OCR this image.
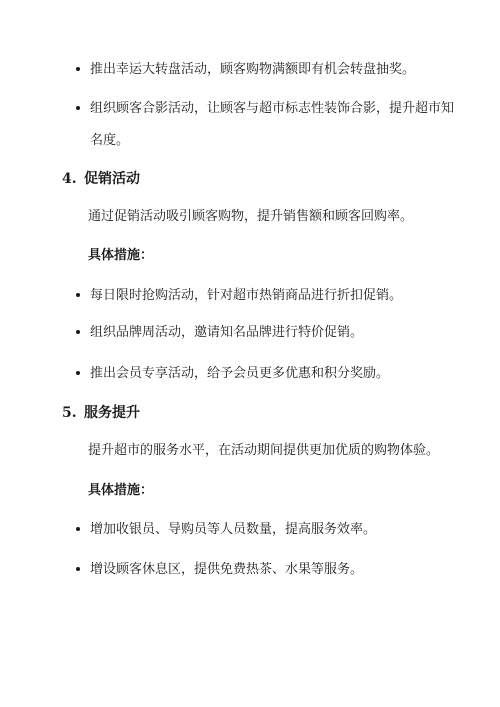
推出幸运大转盘活动，顾客购物满额即有机会转盘抽奖。
组织顾客合影活动，让顾客与超市标志性装饰合影，提升超市知名度。
4. 促销活动
通过促销活动吸引顾客购物，提升销售额和顾客回购率。
具体措施：
每日限时抢购活动，针对超市热销商品进行折扣促销。
组织品牌周活动，邀请知名品牌进行特价促销。
推出会员专享活动，给予会员更多优惠和积分奖励。
5. 服务提升
提升超市的服务水平，在活动期间提供更加优质的购物体验。
具体措施：
增加收银员、导购员等人员数量，提高服务效率。
增设顾客休息区，提供免费热茶、水果等服务。
